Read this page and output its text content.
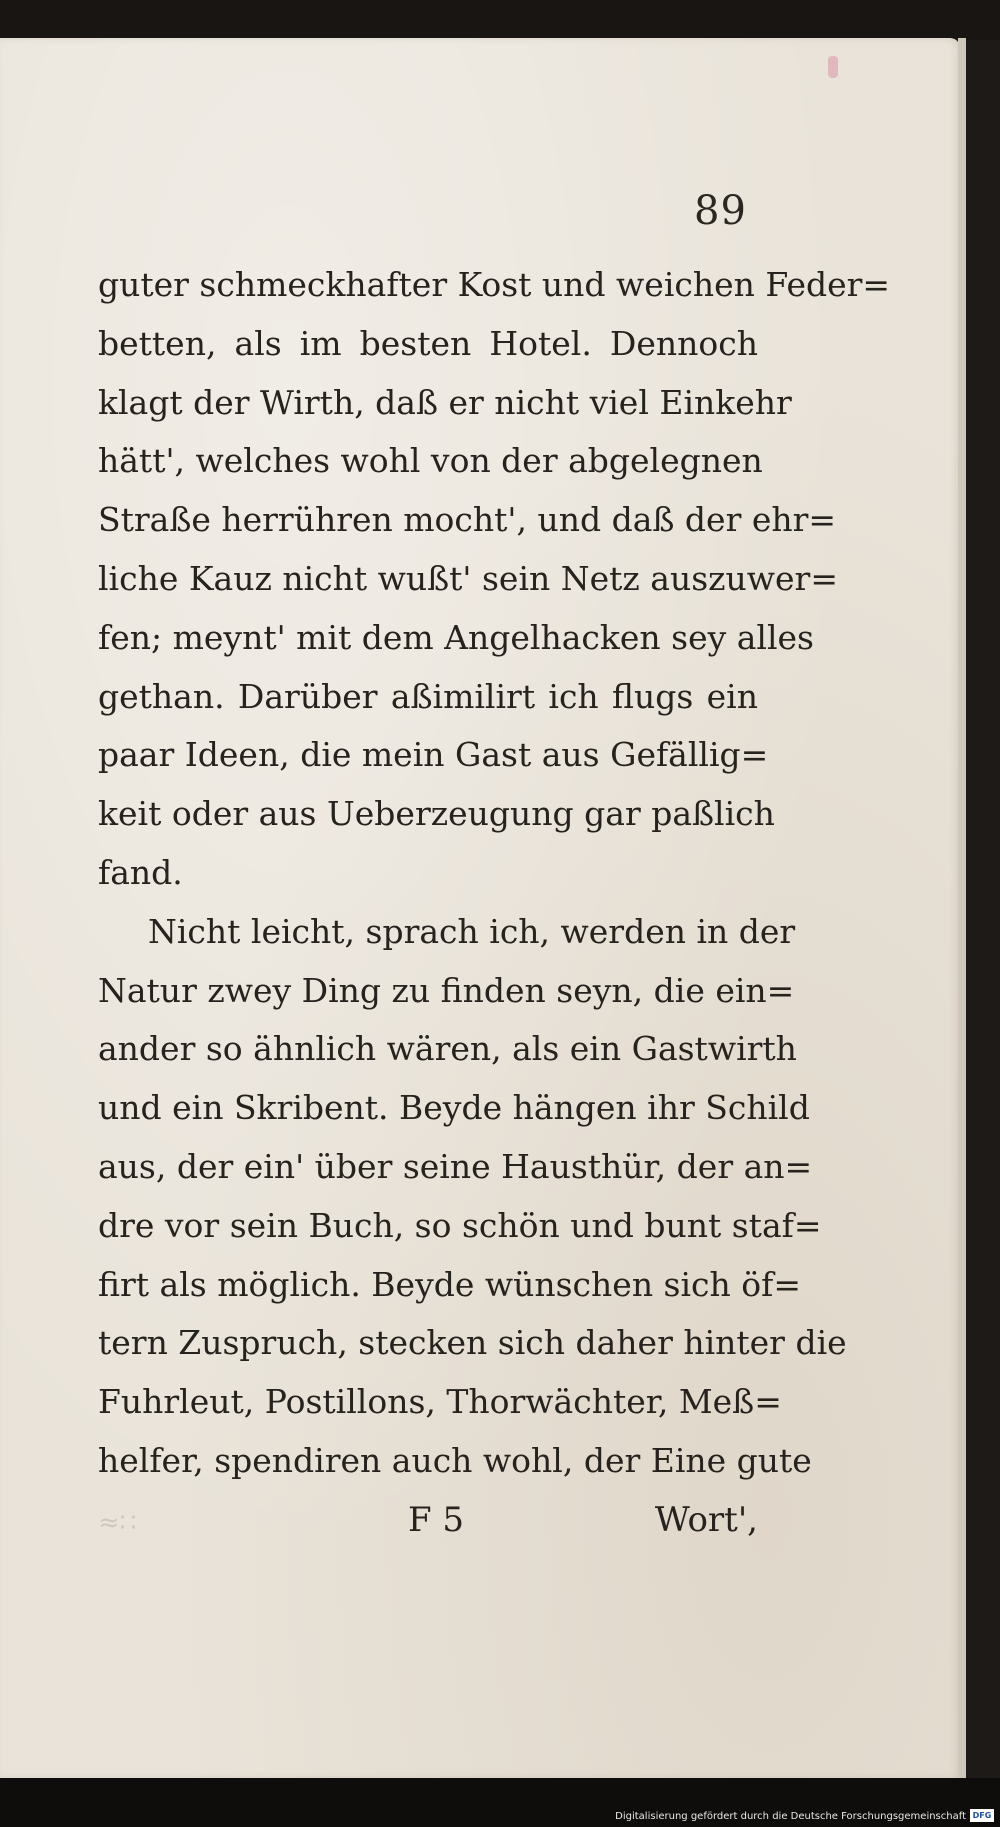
89
guter schmeckhafter Kost und weichen Feder=
betten, als im besten Hotel. Dennoch
klagt der Wirth, daß er nicht viel Einkehr
hätt', welches wohl von der abgelegnen
Straße herrühren mocht', und daß der ehr=
liche Kauz nicht wußt' sein Netz auszuwer=
fen; meynt' mit dem Angelhacken sey alles
gethan. Darüber aßimilirt ich flugs ein
paar Ideen, die mein Gast aus Gefällig=
keit oder aus Ueberzeugung gar paßlich
fand.
Nicht leicht, sprach ich, werden in der
Natur zwey Ding zu finden seyn, die ein=
ander so ähnlich wären, als ein Gastwirth
und ein Skribent. Beyde hängen ihr Schild
aus, der ein' über seine Hausthür, der an=
dre vor sein Buch, so schön und bunt staf=
firt als möglich. Beyde wünschen sich öf=
tern Zuspruch, stecken sich daher hinter die
Fuhrleut, Postillons, Thorwächter, Meß=
helfer, spendiren auch wohl, der Eine gute
≈∷	F 5	Wort',
Digitalisierung gefördert durch die Deutsche Forschungsgemeinschaft DFG
